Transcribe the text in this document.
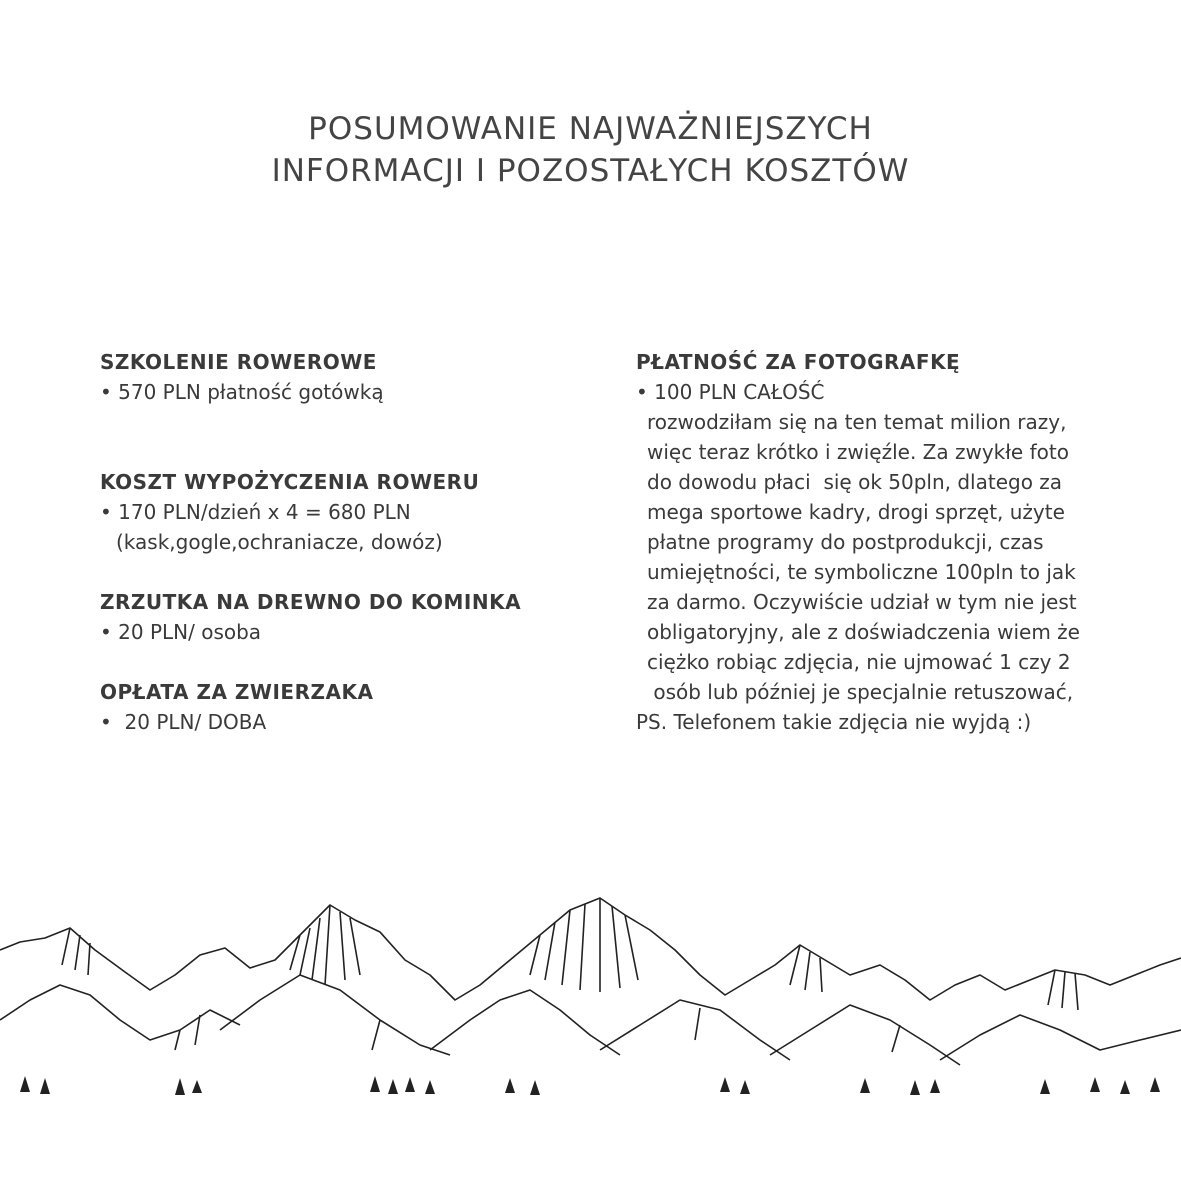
POSUMOWANIE NAJWAŻNIEJSZYCH
INFORMACJI I POZOSTAŁYCH KOSZTÓW
SZKOLENIE ROWEROWE
• 570 PLN płatność gotówką
KOSZT WYPOŻYCZENIA ROWERU
• 170 PLN/dzień x 4 = 680 PLN
(kask,gogle,ochraniacze, dowóz)
ZRZUTKA NA DREWNO DO KOMINKA
• 20 PLN/ osoba
OPŁATA ZA ZWIERZAKA
•  20 PLN/ DOBA
PŁATNOŚĆ ZA FOTOGRAFKĘ
• 100 PLN CAŁOŚĆ
rozwodziłam się na ten temat milion razy,
więc teraz krótko i zwięźle. Za zwykłe foto
do dowodu płaci  się ok 50pln, dlatego za
mega sportowe kadry, drogi sprzęt, użyte
płatne programy do postprodukcji, czas
umiejętności, te symboliczne 100pln to jak
za darmo. Oczywiście udział w tym nie jest
obligatoryjny, ale z doświadczenia wiem że
ciężko robiąc zdjęcia, nie ujmować 1 czy 2
osób lub później je specjalnie retuszować,
PS. Telefonem takie zdjęcia nie wyjdą :)
